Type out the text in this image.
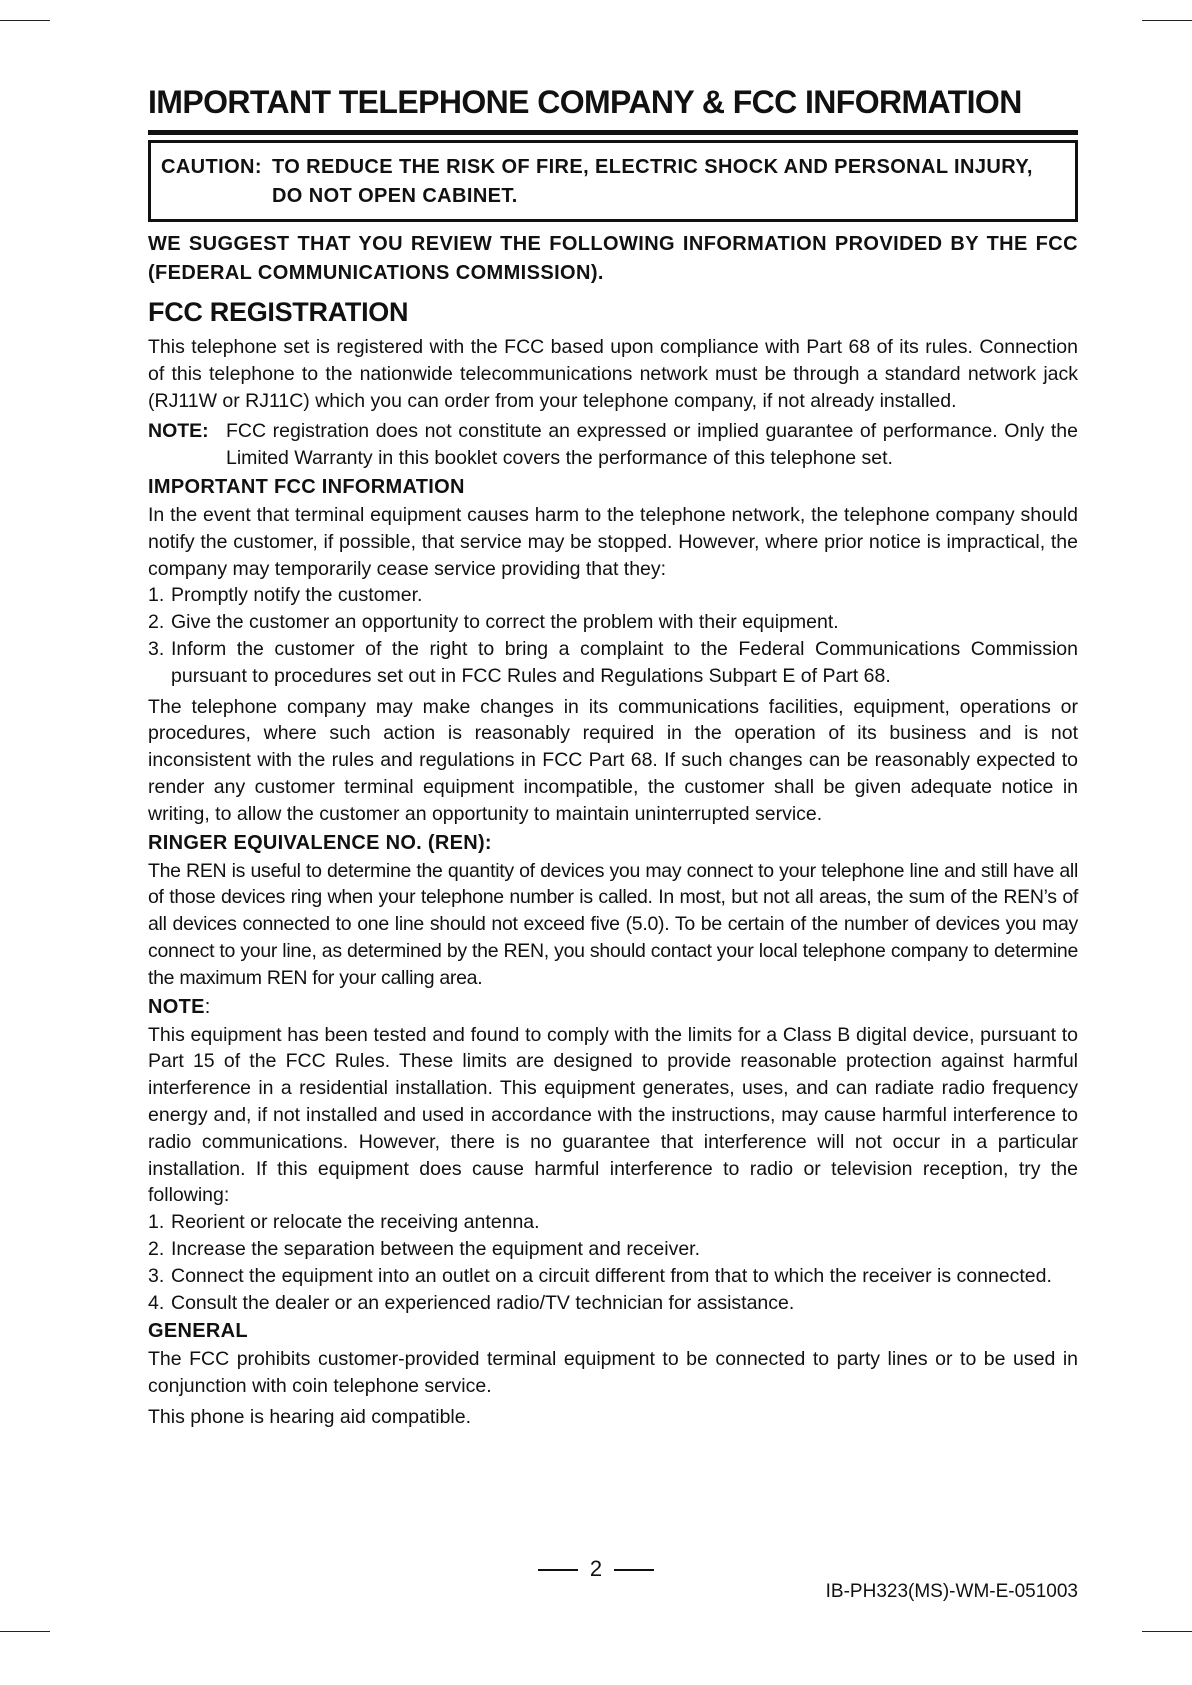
IMPORTANT TELEPHONE COMPANY & FCC INFORMATION
CAUTION: TO REDUCE THE RISK OF FIRE, ELECTRIC SHOCK AND PERSONAL INJURY, DO NOT OPEN CABINET.
WE SUGGEST THAT YOU REVIEW THE FOLLOWING INFORMATION PROVIDED BY THE FCC (FEDERAL COMMUNICATIONS COMMISSION).
FCC REGISTRATION

This telephone set is registered with the FCC based upon compliance with Part 68 of its rules. Connection of this telephone to the nationwide telecommunications network must be through a standard network jack (RJ11W or RJ11C) which you can order from your telephone company, if not already installed.

NOTE: FCC registration does not constitute an expressed or implied guarantee of performance. Only the Limited Warranty in this booklet covers the performance of this telephone set.
IMPORTANT FCC INFORMATION

In the event that terminal equipment causes harm to the telephone network, the telephone company should notify the customer, if possible, that service may be stopped. However, where prior notice is impractical, the company may temporarily cease service providing that they:

1. Promptly notify the customer.
2. Give the customer an opportunity to correct the problem with their equipment.
3. Inform the customer of the right to bring a complaint to the Federal Communications Commission pursuant to procedures set out in FCC Rules and Regulations Subpart E of Part 68.

The telephone company may make changes in its communications facilities, equipment, operations or procedures, where such action is reasonably required in the operation of its business and is not inconsistent with the rules and regulations in FCC Part 68. If such changes can be reasonably expected to render any customer terminal equipment incompatible, the customer shall be given adequate notice in writing, to allow the customer an opportunity to maintain uninterrupted service.

RINGER EQUIVALENCE NO. (REN):

The REN is useful to determine the quantity of devices you may connect to your telephone line and still have all of those devices ring when your telephone number is called. In most, but not all areas, the sum of the REN’s of all devices connected to one line should not exceed five (5.0). To be certain of the number of devices you may connect to your line, as determined by the REN, you should contact your local telephone company to determine the maximum REN for your calling area.

NOTE:

This equipment has been tested and found to comply with the limits for a Class B digital device, pursuant to Part 15 of the FCC Rules. These limits are designed to provide reasonable protection against harmful interference in a residential installation. This equipment generates, uses, and can radiate radio frequency energy and, if not installed and used in accordance with the instructions, may cause harmful interference to radio communications. However, there is no guarantee that interference will not occur in a particular installation. If this equipment does cause harmful interference to radio or television reception, try the following:

1. Reorient or relocate the receiving antenna.
2. Increase the separation between the equipment and receiver.
3. Connect the equipment into an outlet on a circuit different from that to which the receiver is connected.
4. Consult the dealer or an experienced radio/TV technician for assistance.
GENERAL

The FCC prohibits customer-provided terminal equipment to be connected to party lines or to be used in conjunction with coin telephone service.

This phone is hearing aid compatible.

2
IB-PH323(MS)-WM-E-051003
